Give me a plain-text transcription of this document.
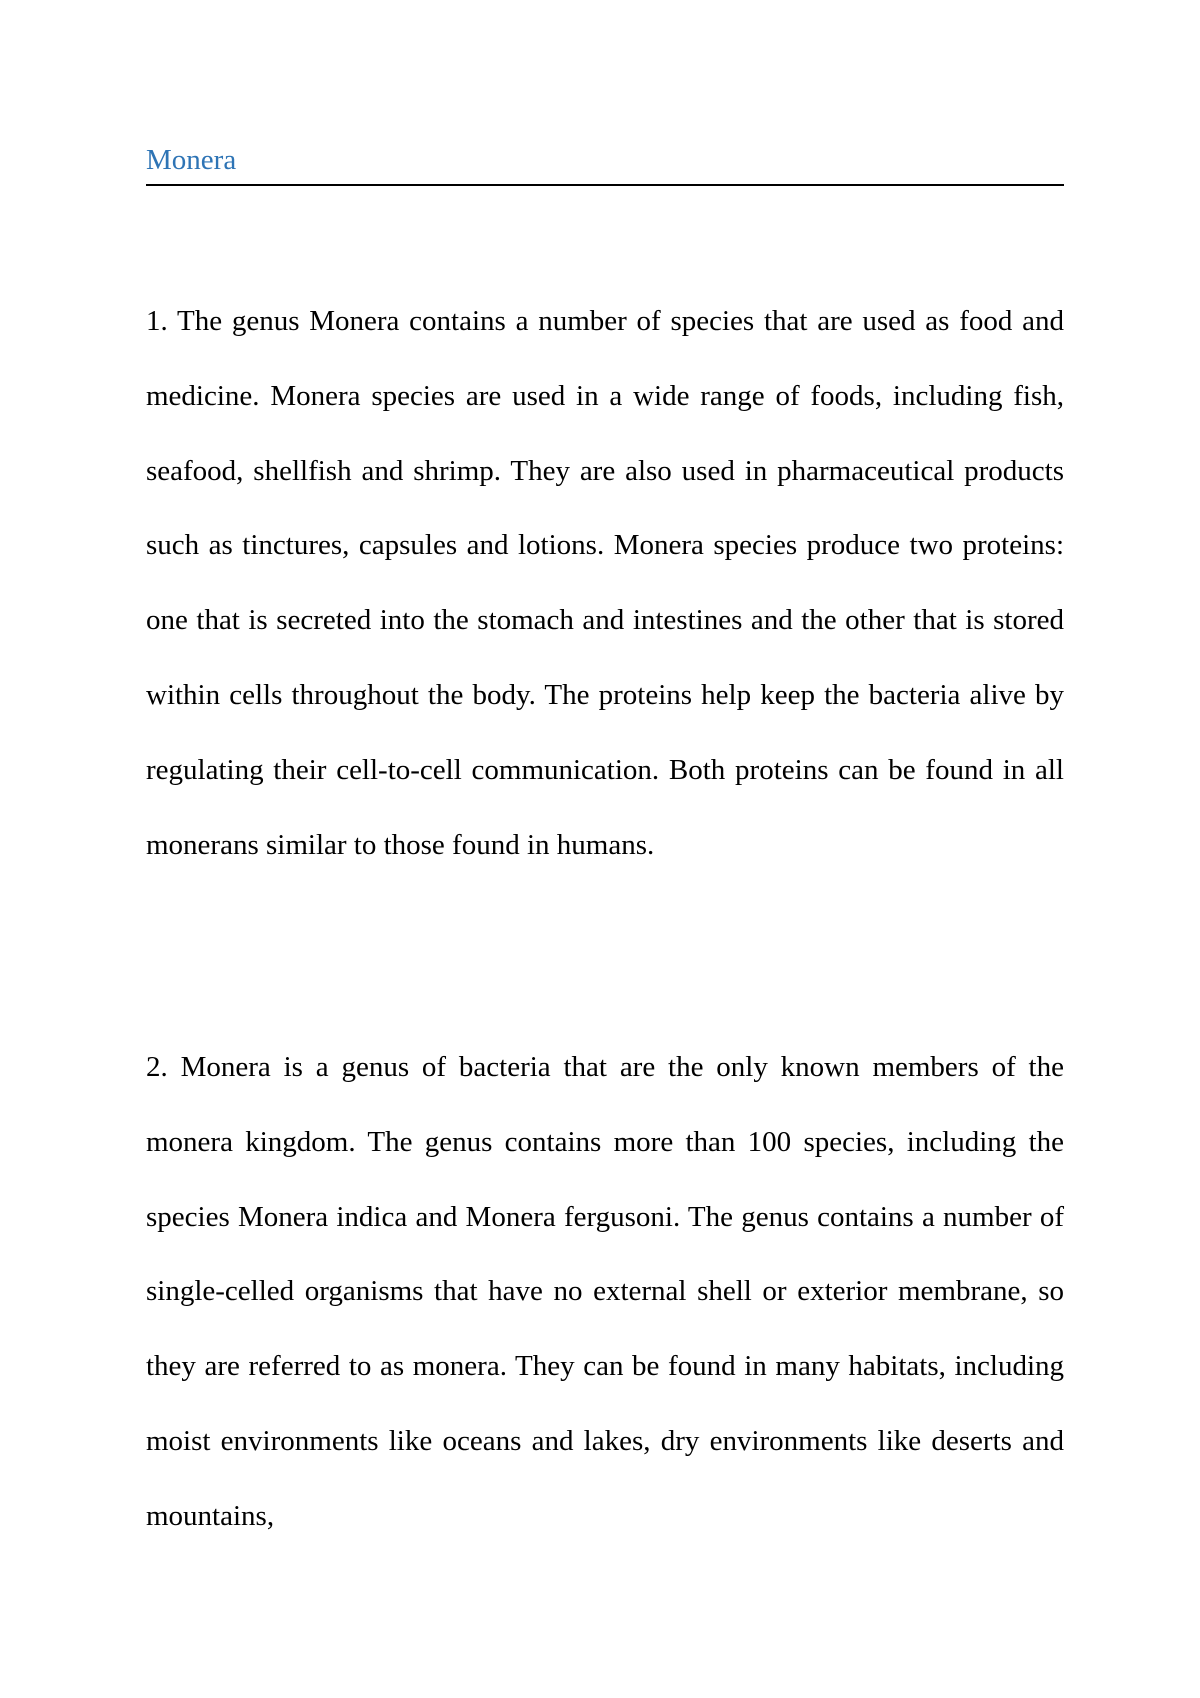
Monera

1. The genus Monera contains a number of species that are used as food and medicine. Monera species are used in a wide range of foods, including fish, seafood, shellfish and shrimp. They are also used in pharmaceutical products such as tinctures, capsules and lotions. Monera species produce two proteins: one that is secreted into the stomach and intestines and the other that is stored within cells throughout the body. The proteins help keep the bacteria alive by regulating their cell-to-cell communication. Both proteins can be found in all monerans similar to those found in humans.

2. Monera is a genus of bacteria that are the only known members of the monera kingdom. The genus contains more than 100 species, including the species Monera indica and Monera fergusoni. The genus contains a number of single-celled organisms that have no external shell or exterior membrane, so they are referred to as monera. They can be found in many habitats, including moist environments like oceans and lakes, dry environments like deserts and mountains,
